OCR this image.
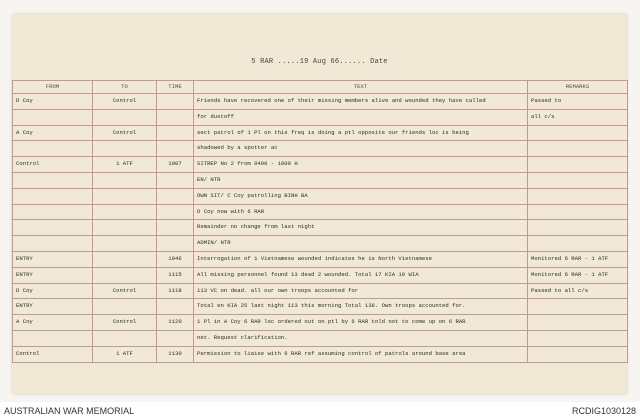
5 RAR .....19 Aug 66...... Date
FROM	TO	TIME	TEXT	REMARKS
D Coy	Control		Friends have recovered one of their missing members alive and wounded they have called	Passed to
			for dustoff	all c/s
A Coy	Control		sect patrol of 1 Pl on this freq is doing a ptl opposite our friends loc is being	
			shadowed by a spotter ac	
Control	1 ATF	1007	SITREP No 2 from 0400 - 1000 H	
			EN/ NTR	
			OWN SIT/ C Coy patrolling BINH BA	
			D Coy now with 6 RAR	
			Remainder no change from last night	
			ADMIN/ NTR	
ENTRY		1046	Interrogation of 1 Vietnamese wounded indicates he is North Vietnamese	Monitored 6 RAR - 1 ATF
ENTRY		1115	All missing personnel found 13 dead 2 wounded. Total 17 KIA 19 WIA	Monitored 6 RAR - 1 ATF
D Coy	Control	1118	113 VC on dead. all our own troops accounted for	Passed to all c/s
ENTRY			Total en KIA 25 last night 113 this morning Total 138. Own troops accounted for.	
A Coy	Control	1120	1 Pl in A Coy 6 RAR loc ordered out on ptl by 6 RAR told not to come up on 6 RAR	
			net. Request clarification.	
Control	1 ATF	1130	Permission to liaise with 6 RAR ref assuming control of patrols around base area	
AUSTRALIAN WAR MEMORIAL	RCDIG1030128
